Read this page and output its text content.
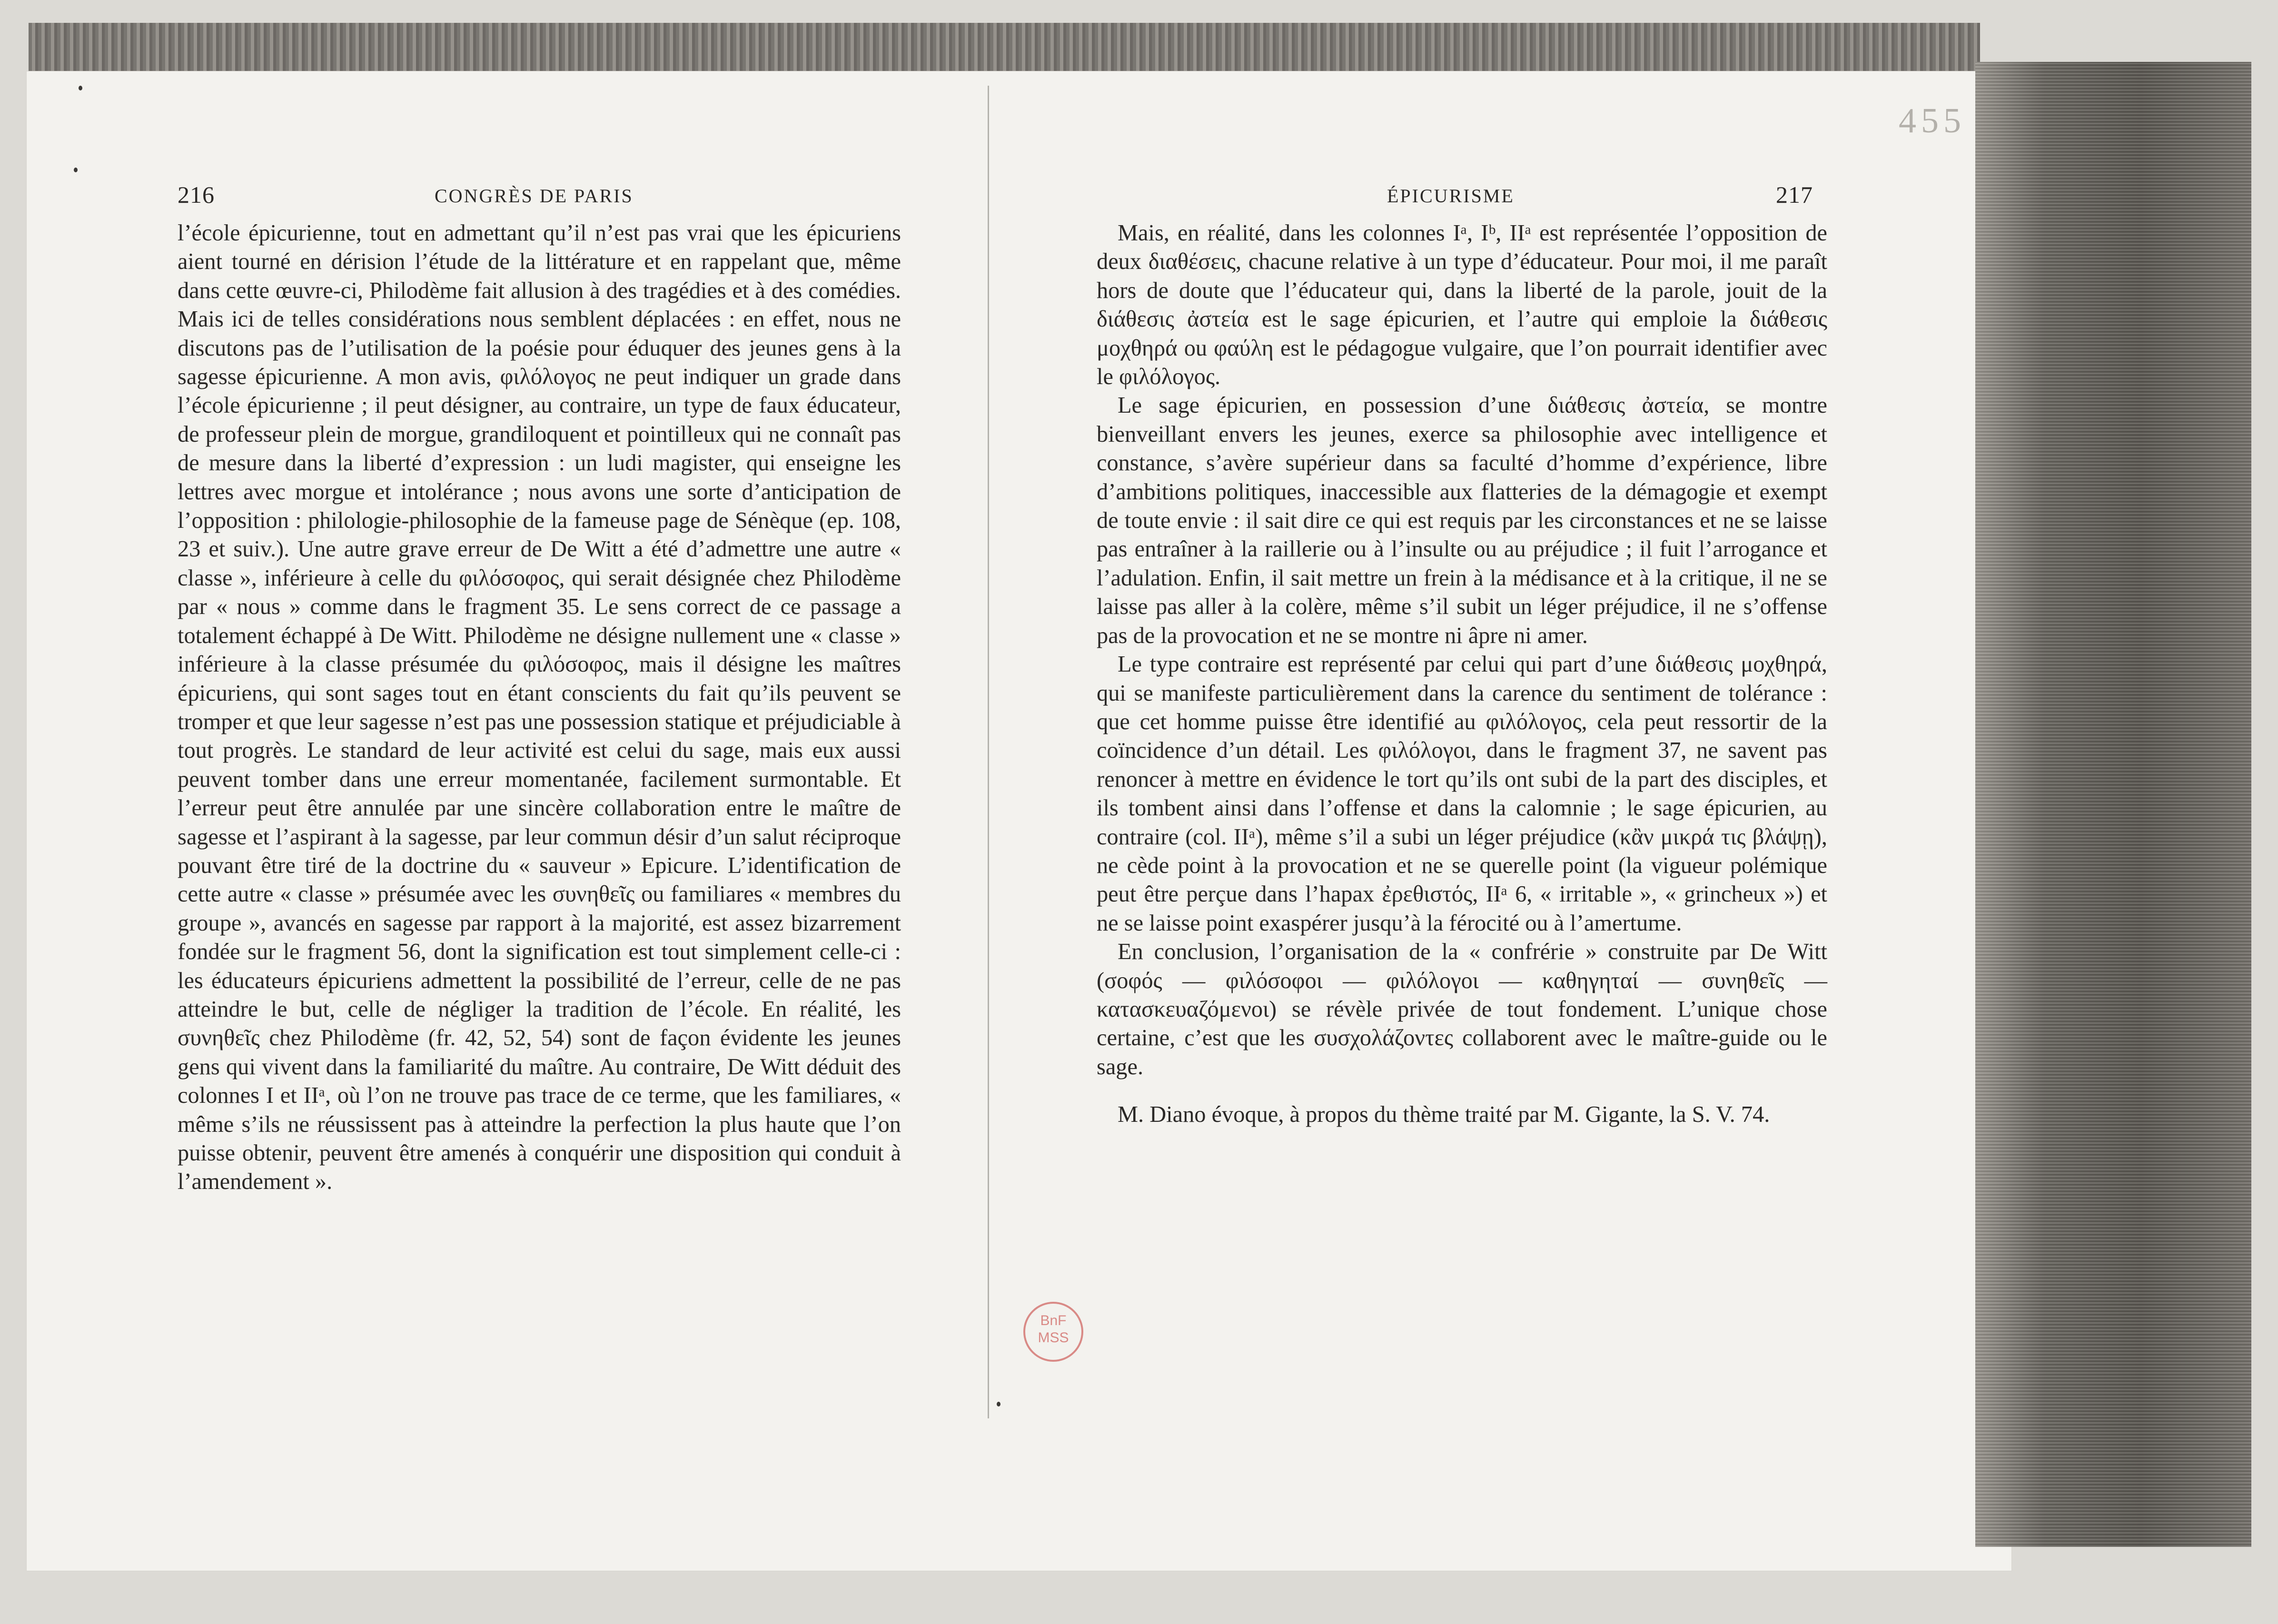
455
216	CONGRÈS DE PARIS

l’école épicurienne, tout en admettant qu’il n’est pas vrai que les épicuriens aient tourné en dérision l’étude de la littérature et en rappelant que, même dans cette œuvre-ci, Philodème fait allusion à des tragédies et à des comédies. Mais ici de telles considérations nous semblent déplacées : en effet, nous ne discutons pas de l’utilisation de la poésie pour éduquer des jeunes gens à la sagesse épicurienne. A mon avis, φιλόλογος ne peut indiquer un grade dans l’école épicurienne ; il peut désigner, au contraire, un type de faux éducateur, de professeur plein de morgue, grandiloquent et pointilleux qui ne connaît pas de mesure dans la liberté d’expression : un ludi magister, qui enseigne les lettres avec morgue et intolérance ; nous avons une sorte d’anticipation de l’opposition : philologie-philosophie de la fameuse page de Sénèque (ep. 108, 23 et suiv.). Une autre grave erreur de De Witt a été d’admettre une autre « classe », inférieure à celle du φιλόσοφος, qui serait désignée chez Philodème par « nous » comme dans le fragment 35. Le sens correct de ce passage a totalement échappé à De Witt. Philodème ne désigne nullement une « classe » inférieure à la classe présumée du φιλόσοφος, mais il désigne les maîtres épicuriens, qui sont sages tout en étant conscients du fait qu’ils peuvent se tromper et que leur sagesse n’est pas une possession statique et préjudiciable à tout progrès. Le standard de leur activité est celui du sage, mais eux aussi peuvent tomber dans une erreur momentanée, facilement surmontable. Et l’erreur peut être annulée par une sincère collaboration entre le maître de sagesse et l’aspirant à la sagesse, par leur commun désir d’un salut réciproque pouvant être tiré de la doctrine du « sauveur » Epicure. L’identification de cette autre « classe » présumée avec les συνηθεῖς ou familiares « membres du groupe », avancés en sagesse par rapport à la majorité, est assez bizarrement fondée sur le fragment 56, dont la signification est tout simplement celle-ci : les éducateurs épicuriens admettent la possibilité de l’erreur, celle de ne pas atteindre le but, celle de négliger la tradition de l’école. En réalité, les συνηθεῖς chez Philodème (fr. 42, 52, 54) sont de façon évidente les jeunes gens qui vivent dans la familiarité du maître. Au contraire, De Witt déduit des colonnes I et IIᵃ, où l’on ne trouve pas trace de ce terme, que les familiares, « même s’ils ne réussissent pas à atteindre la perfection la plus haute que l’on puisse obtenir, peuvent être amenés à conquérir une disposition qui conduit à l’amendement ».

ÉPICURISME	217

Mais, en réalité, dans les colonnes Iᵃ, Iᵇ, IIᵃ est représentée l’opposition de deux διαθέσεις, chacune relative à un type d’éducateur. Pour moi, il me paraît hors de doute que l’éducateur qui, dans la liberté de la parole, jouit de la διάθεσις ἀστεία est le sage épicurien, et l’autre qui emploie la διάθεσις μοχθηρά ou φαύλη est le pédagogue vulgaire, que l’on pourrait identifier avec le φιλόλογος.

Le sage épicurien, en possession d’une διάθεσις ἀστεία, se montre bienveillant envers les jeunes, exerce sa philosophie avec intelligence et constance, s’avère supérieur dans sa faculté d’homme d’expérience, libre d’ambitions politiques, inaccessible aux flatteries de la démagogie et exempt de toute envie : il sait dire ce qui est requis par les circonstances et ne se laisse pas entraîner à la raillerie ou à l’insulte ou au préjudice ; il fuit l’arrogance et l’adulation. Enfin, il sait mettre un frein à la médisance et à la critique, il ne se laisse pas aller à la colère, même s’il subit un léger préjudice, il ne s’offense pas de la provocation et ne se montre ni âpre ni amer.

Le type contraire est représenté par celui qui part d’une διάθεσις μοχθηρά, qui se manifeste particulièrement dans la carence du sentiment de tolérance : que cet homme puisse être identifié au φιλόλογος, cela peut ressortir de la coïncidence d’un détail. Les φιλόλογοι, dans le fragment 37, ne savent pas renoncer à mettre en évidence le tort qu’ils ont subi de la part des disciples, et ils tombent ainsi dans l’offense et dans la calomnie ; le sage épicurien, au contraire (col. IIᵃ), même s’il a subi un léger préjudice (κἂν μικρά τις βλάψῃ), ne cède point à la provocation et ne se querelle point (la vigueur polémique peut être perçue dans l’hapax ἐρεθιστός, IIᵃ 6, « irritable », « grincheux ») et ne se laisse point exaspérer jusqu’à la férocité ou à l’amertume.

En conclusion, l’organisation de la « confrérie » construite par De Witt (σοφός — φιλόσοφοι — φιλόλογοι — καθηγηταί — συνηθεῖς — κατασκευαζόμενοι) se révèle privée de tout fondement. L’unique chose certaine, c’est que les συσχολάζοντες collaborent avec le maître-guide ou le sage.

M. Diano évoque, à propos du thème traité par M. Gigante, la S. V. 74.

BnF
MSS
